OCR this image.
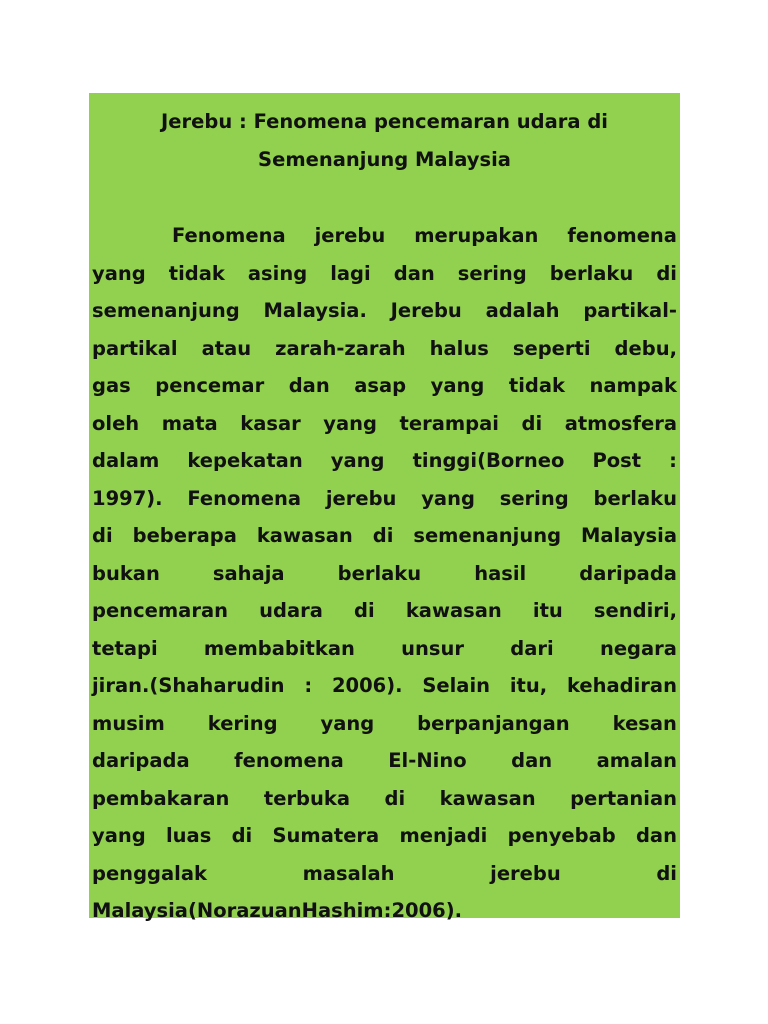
Jerebu : Fenomena pencemaran udara di
Semenanjung Malaysia
Fenomena jerebu merupakan fenomena
yang tidak asing lagi dan sering berlaku di
semenanjung Malaysia. Jerebu adalah partikal-
partikal atau zarah-zarah halus seperti debu,
gas pencemar dan asap yang tidak nampak
oleh mata kasar yang terampai di atmosfera
dalam kepekatan yang tinggi(Borneo Post :
1997). Fenomena jerebu yang sering berlaku
di beberapa kawasan di semenanjung Malaysia
bukan	sahaja	berlaku	hasil	daripada
pencemaran udara di kawasan itu sendiri,
tetapi membabitkan unsur dari negara
jiran.(Shaharudin : 2006). Selain itu, kehadiran
musim kering yang berpanjangan kesan
daripada fenomena El-Nino dan amalan
pembakaran terbuka di kawasan pertanian
yang luas di Sumatera menjadi penyebab dan
penggalak	masalah	jerebu	di
Malaysia(Norazuan Hashim: 2006).
